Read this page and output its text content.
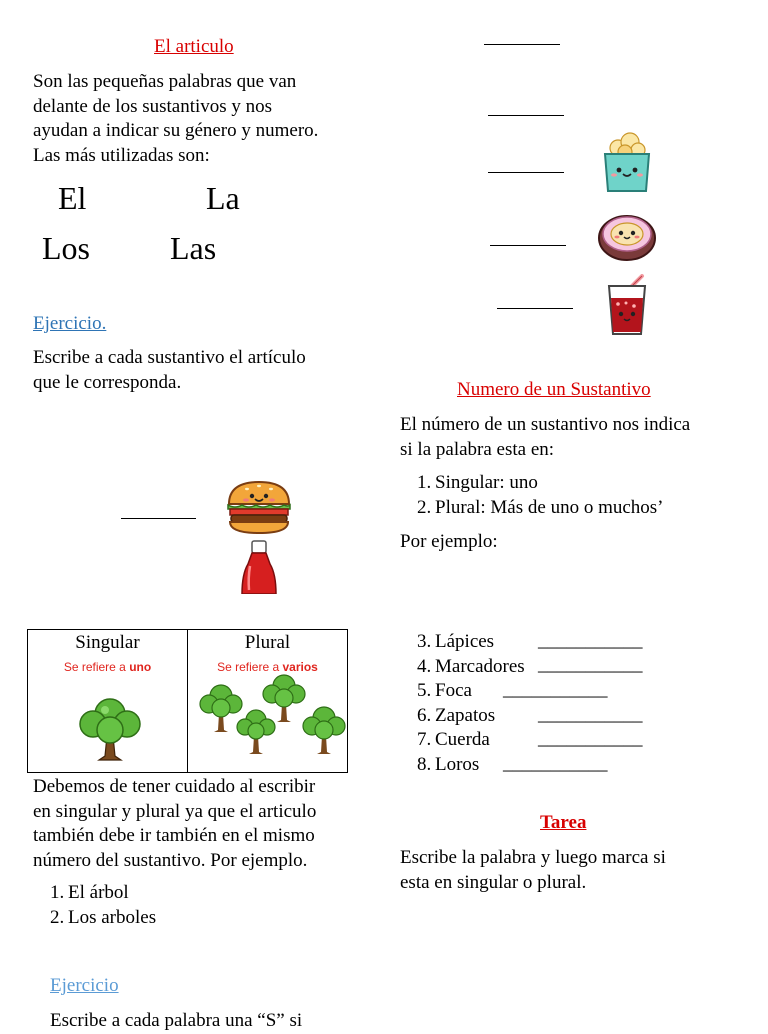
El articulo
Son las pequeñas palabras que van
delante de los sustantivos y nos
ayudan a indicar su género y numero.
Las más utilizadas son:
El	La
Los	Las
Ejercicio.
Escribe a cada sustantivo el artículo
que le corresponda.
Singular
Se refiere a uno

Plural
Se refiere a varios
Debemos de tener cuidado al escribir
en singular y plural ya que el articulo
también debe ir también en el mismo
número del sustantivo. Por ejemplo.
1. El árbol
2. Los arboles
Ejercicio
Escribe a cada palabra una “S” si
Numero de un Sustantivo
El número de un sustantivo nos indica
si la palabra esta en:
1. Singular: uno
2. Plural: Más de uno o muchos’
Por ejemplo:
3. Lápices
4. Marcadores
5. Foca
6. Zapatos
7. Cuerda
8. Loros
___________
___________
___________
___________
___________
___________
Tarea
Escribe la palabra y luego marca si
esta en singular o plural.
